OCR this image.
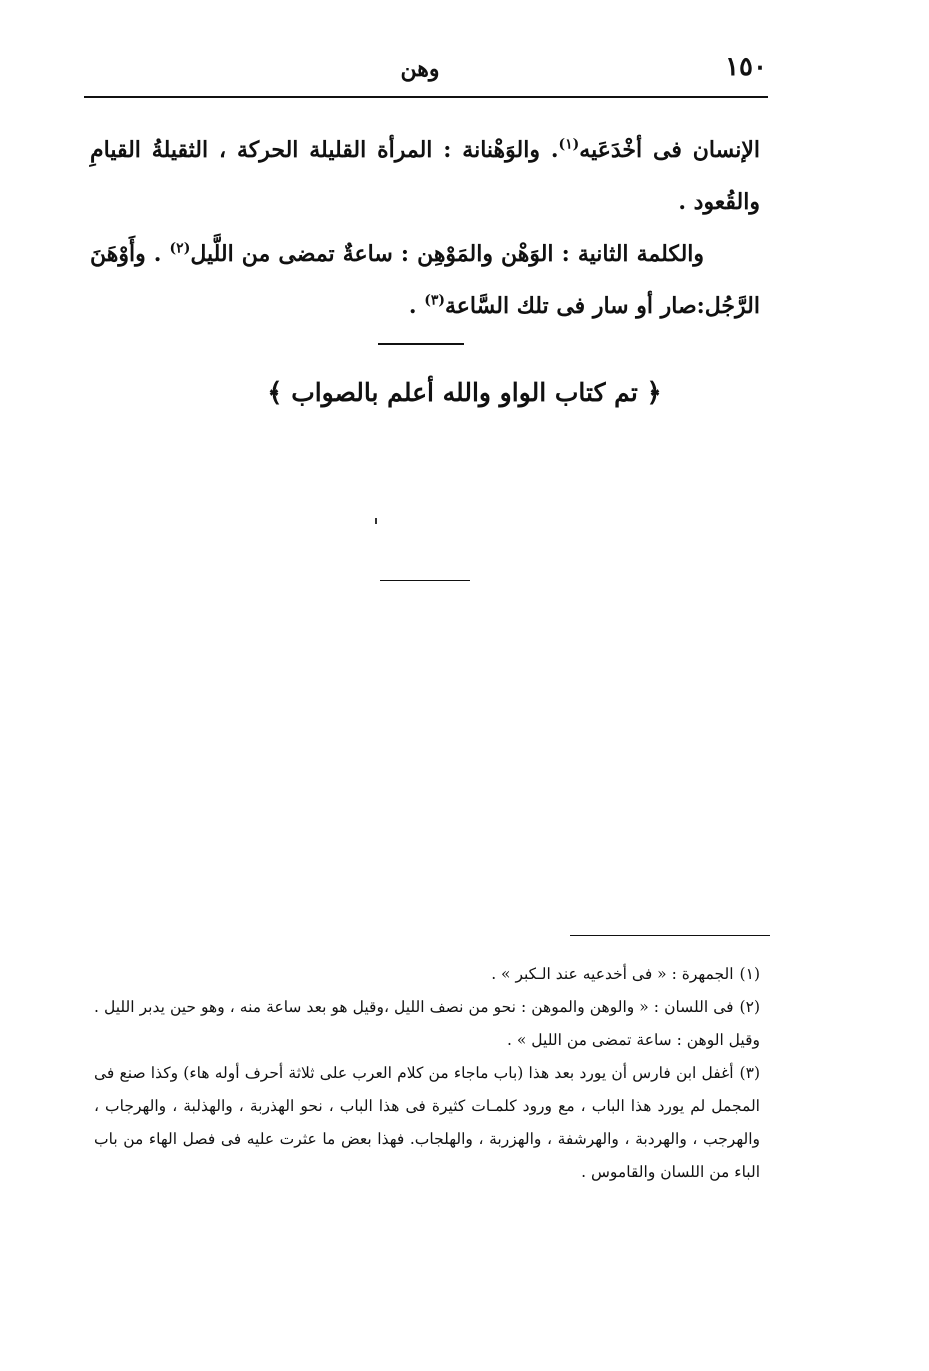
١٥٠
وهن

الإنسان فى أخْدَعَيه$^{(١)}$. والوَهْنانة : المرأة القليلة الحركة ، الثقيلةُ القيامِ والقُعود .

والكلمة الثانية : الوَهْن والمَوْهِن : ساعةٌ تمضى من اللَّيل$^{(٢)}$ . وأَوْهَنَ الرَّجُل:صار أو سار فى تلك السَّاعة$^{(٣)}$ .

﴿ تم كتاب الواو والله أعلم بالصواب ﴾

(١)الجمهرة : « فى أخدعيه عند الـكبر » .

(٢)فى اللسان : « والوهن والموهن : نحو من نصف الليل ،وقيل هو بعد ساعة منه ، وهو حين يدبر الليل . وقيل الوهن : ساعة تمضى من الليل » .

(٣)أغفل ابن فارس أن يورد بعد هذا (باب ماجاء من كلام العرب على ثلاثة أحرف أوله هاء) وكذا صنع فى المجمل لم يورد هذا الباب ، مع ورود كلمـات كثيرة فى هذا الباب ، نحو الهذربة ، والهذلبة ، والهرجاب ، والهرجب ، والهردبة ، والهرشفة ، والهزربة ، والهلجاب. فهذا بعض ما عثرت عليه فى فصل الهاء من باب الباء من اللسان والقاموس .
